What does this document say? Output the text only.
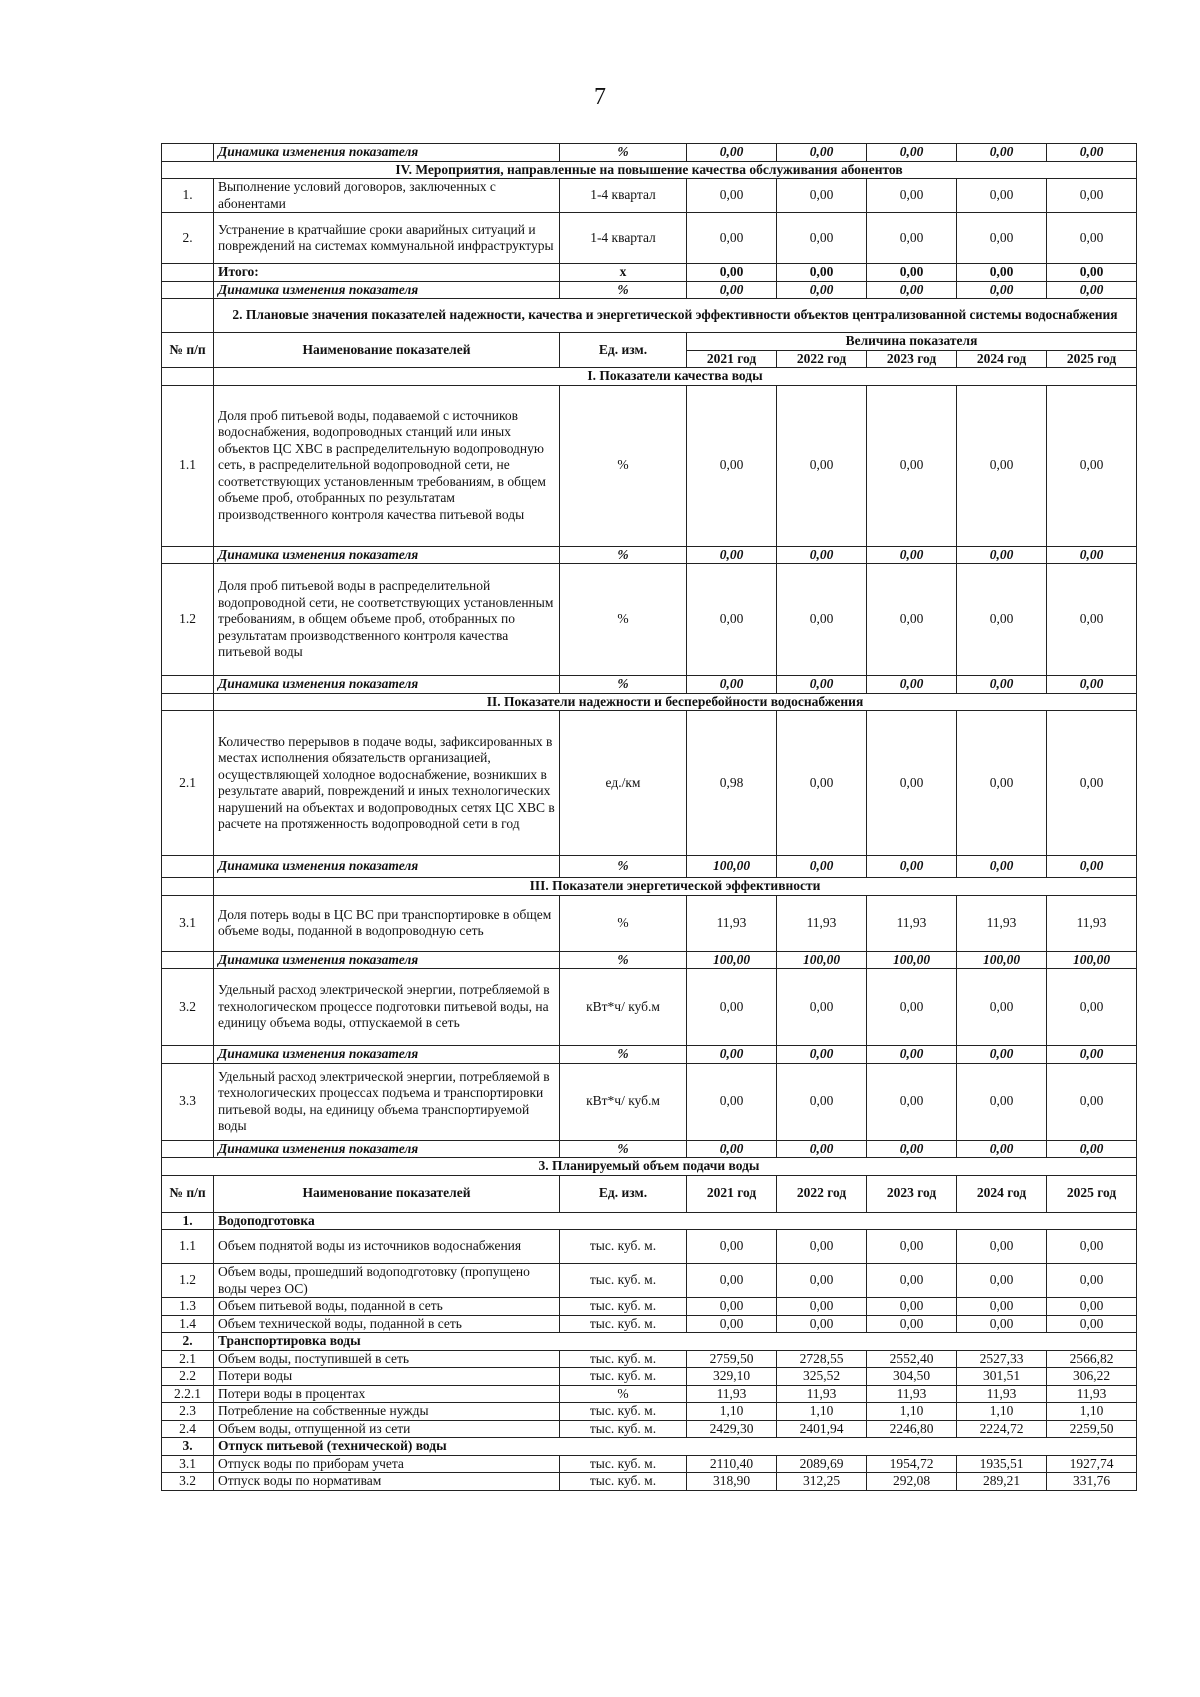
7
	Динамика изменения показателя	%	0,00	0,00	0,00	0,00	0,00
IV. Мероприятия, направленные на повышение качества обслуживания абонентов							
1.	Выполнение условий договоров, заключенных с абонентами	1-4 квартал	0,00	0,00	0,00	0,00	0,00
2.	Устранение в кратчайшие сроки аварийных ситуаций и повреждений на системах коммунальной инфраструктуры	1-4 квартал	0,00	0,00	0,00	0,00	0,00
	Итого:	х	0,00	0,00	0,00	0,00	0,00
	Динамика изменения показателя	%	0,00	0,00	0,00	0,00	0,00
	2. Плановые значения показателей надежности, качества и энергетической эффективности объектов централизованной системы водоснабжения						
№ п/п	Наименование показателей	Ед. изм.	Величина показателя				
			2021 год	2022 год	2023 год	2024 год	2025 год
	I. Показатели качества воды						
1.1	Доля проб питьевой воды, подаваемой с источников водоснабжения, водопроводных станций или иных объектов ЦС ХВС в распределительную водопроводную сеть, в распределительной водопроводной сети, не соответствующих установленным требованиям, в общем объеме проб, отобранных по результатам производственного контроля качества питьевой воды	%	0,00	0,00	0,00	0,00	0,00
	Динамика изменения показателя	%	0,00	0,00	0,00	0,00	0,00
1.2	Доля проб питьевой воды в распределительной водопроводной сети, не соответствующих установленным требованиям, в общем объеме проб, отобранных по результатам производственного контроля качества питьевой воды	%	0,00	0,00	0,00	0,00	0,00
	Динамика изменения показателя	%	0,00	0,00	0,00	0,00	0,00
	II. Показатели надежности и бесперебойности водоснабжения						
2.1	Количество перерывов в подаче воды, зафиксированных в местах исполнения обязательств организацией, осуществляющей холодное водоснабжение, возникших в результате аварий, повреждений и иных технологических нарушений на объектах и водопроводных сетях ЦС ХВС в расчете на протяженность водопроводной сети в год	ед./км	0,98	0,00	0,00	0,00	0,00
	Динамика изменения показателя	%	100,00	0,00	0,00	0,00	0,00
	III. Показатели энергетической эффективности						
3.1	Доля потерь воды в ЦС ВС при транспортировке в общем объеме воды, поданной в водопроводную сеть	%	11,93	11,93	11,93	11,93	11,93
	Динамика изменения показателя	%	100,00	100,00	100,00	100,00	100,00
3.2	Удельный расход электрической энергии, потребляемой в технологическом процессе подготовки питьевой воды, на единицу объема воды, отпускаемой в сеть	кВт*ч/ куб.м	0,00	0,00	0,00	0,00	0,00
	Динамика изменения показателя	%	0,00	0,00	0,00	0,00	0,00
3.3	Удельный расход электрической энергии, потребляемой в технологических процессах подъема и транспортировки питьевой воды, на единицу объема транспортируемой воды	кВт*ч/ куб.м	0,00	0,00	0,00	0,00	0,00
	Динамика изменения показателя	%	0,00	0,00	0,00	0,00	0,00
3. Планируемый объем подачи воды							
№ п/п	Наименование показателей	Ед. изм.	2021 год	2022 год	2023 год	2024 год	2025 год
1.	Водоподготовка						
1.1	Объем поднятой воды из источников водоснабжения	тыс. куб. м.	0,00	0,00	0,00	0,00	0,00
1.2	Объем воды, прошедший водоподготовку (пропущено воды через ОС)	тыс. куб. м.	0,00	0,00	0,00	0,00	0,00
1.3	Объем питьевой воды, поданной в сеть	тыс. куб. м.	0,00	0,00	0,00	0,00	0,00
1.4	Объем технической воды, поданной в сеть	тыс. куб. м.	0,00	0,00	0,00	0,00	0,00
2.	Транспортировка воды						
2.1	Объем воды, поступившей в сеть	тыс. куб. м.	2759,50	2728,55	2552,40	2527,33	2566,82
2.2	Потери воды	тыс. куб. м.	329,10	325,52	304,50	301,51	306,22
2.2.1	Потери воды в процентах	%	11,93	11,93	11,93	11,93	11,93
2.3	Потребление на собственные нужды	тыс. куб. м.	1,10	1,10	1,10	1,10	1,10
2.4	Объем воды, отпущенной из сети	тыс. куб. м.	2429,30	2401,94	2246,80	2224,72	2259,50
3.	Отпуск питьевой (технической) воды						
3.1	Отпуск воды по приборам учета	тыс. куб. м.	2110,40	2089,69	1954,72	1935,51	1927,74
3.2	Отпуск воды по нормативам	тыс. куб. м.	318,90	312,25	292,08	289,21	331,76
